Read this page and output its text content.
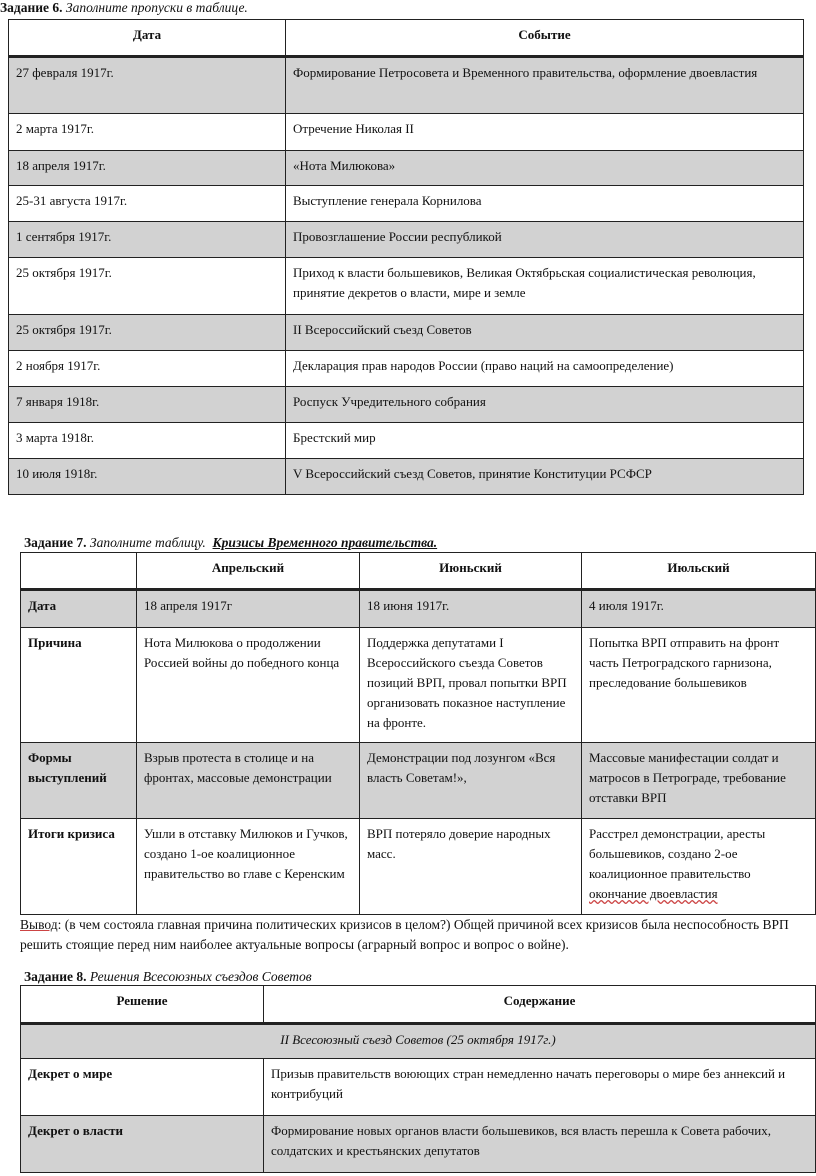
Задание 6. Заполните пропуски в таблице.
Дата	Событие
27 февраля 1917г.	Формирование Петросовета и Временного правительства, оформление двоевластия
2 марта 1917г.	Отречение Николая II
18 апреля 1917г.	«Нота Милюкова»
25-31 августа 1917г.	Выступление генерала Корнилова
1 сентября 1917г.	Провозглашение России республикой
25 октября 1917г.	Приход к власти большевиков, Великая Октябрьская социалистическая революция, принятие декретов о власти, мире и земле
25 октября 1917г.	II Всероссийский съезд Советов
2 ноября 1917г.	Декларация прав народов России (право наций на самоопределение)
7 января 1918г.	Роспуск Учредительного собрания
3 марта 1918г.	Брестский мир
10 июля 1918г.	V Всероссийский съезд Советов, принятие Конституции РСФСР
Задание 7. Заполните таблицу. Кризисы Временного правительства.
	Апрельский	Июньский	Июльский
Дата	18 апреля 1917г	18 июня 1917г.	4 июля 1917г.
Причина	Нота Милюкова о продолжении Россией войны до победного конца	Поддержка депутатами I Всероссийского съезда Советов позиций ВРП, провал попытки ВРП организовать показное наступление на фронте.	Попытка ВРП отправить на фронт часть Петроградского гарнизона, преследование большевиков
Формы выступлений	Взрыв протеста в столице и на фронтах, массовые демонстрации	Демонстрации под лозунгом «Вся власть Советам!»,	Массовые манифестации солдат и матросов в Петрограде, требование отставки ВРП
Итоги кризиса	Ушли в отставку Милюков и Гучков, создано 1-ое коалиционное правительство во главе с Керенским	ВРП потеряло доверие народных масс.	Расстрел демонстрации, аресты большевиков, создано 2-ое коалиционное правительство
окончание двоевластия
Вывод: (в чем состояла главная причина политических кризисов в целом?) Общей причиной всех кризисов была неспособность ВРП решить стоящие перед ним наиболее актуальные вопросы (аграрный вопрос и вопрос о войне).
Задание 8. Решения Всесоюзных съездов Советов
Решение	Содержание
II Всесоюзный съезд Советов (25 октября 1917г.)	
Декрет о мире	Призыв правительств воюющих стран немедленно начать переговоры о мире без аннексий и контрибуций
Декрет о власти	Формирование новых органов власти большевиков, вся власть перешла к Совета рабочих, солдатских и крестьянских депутатов
